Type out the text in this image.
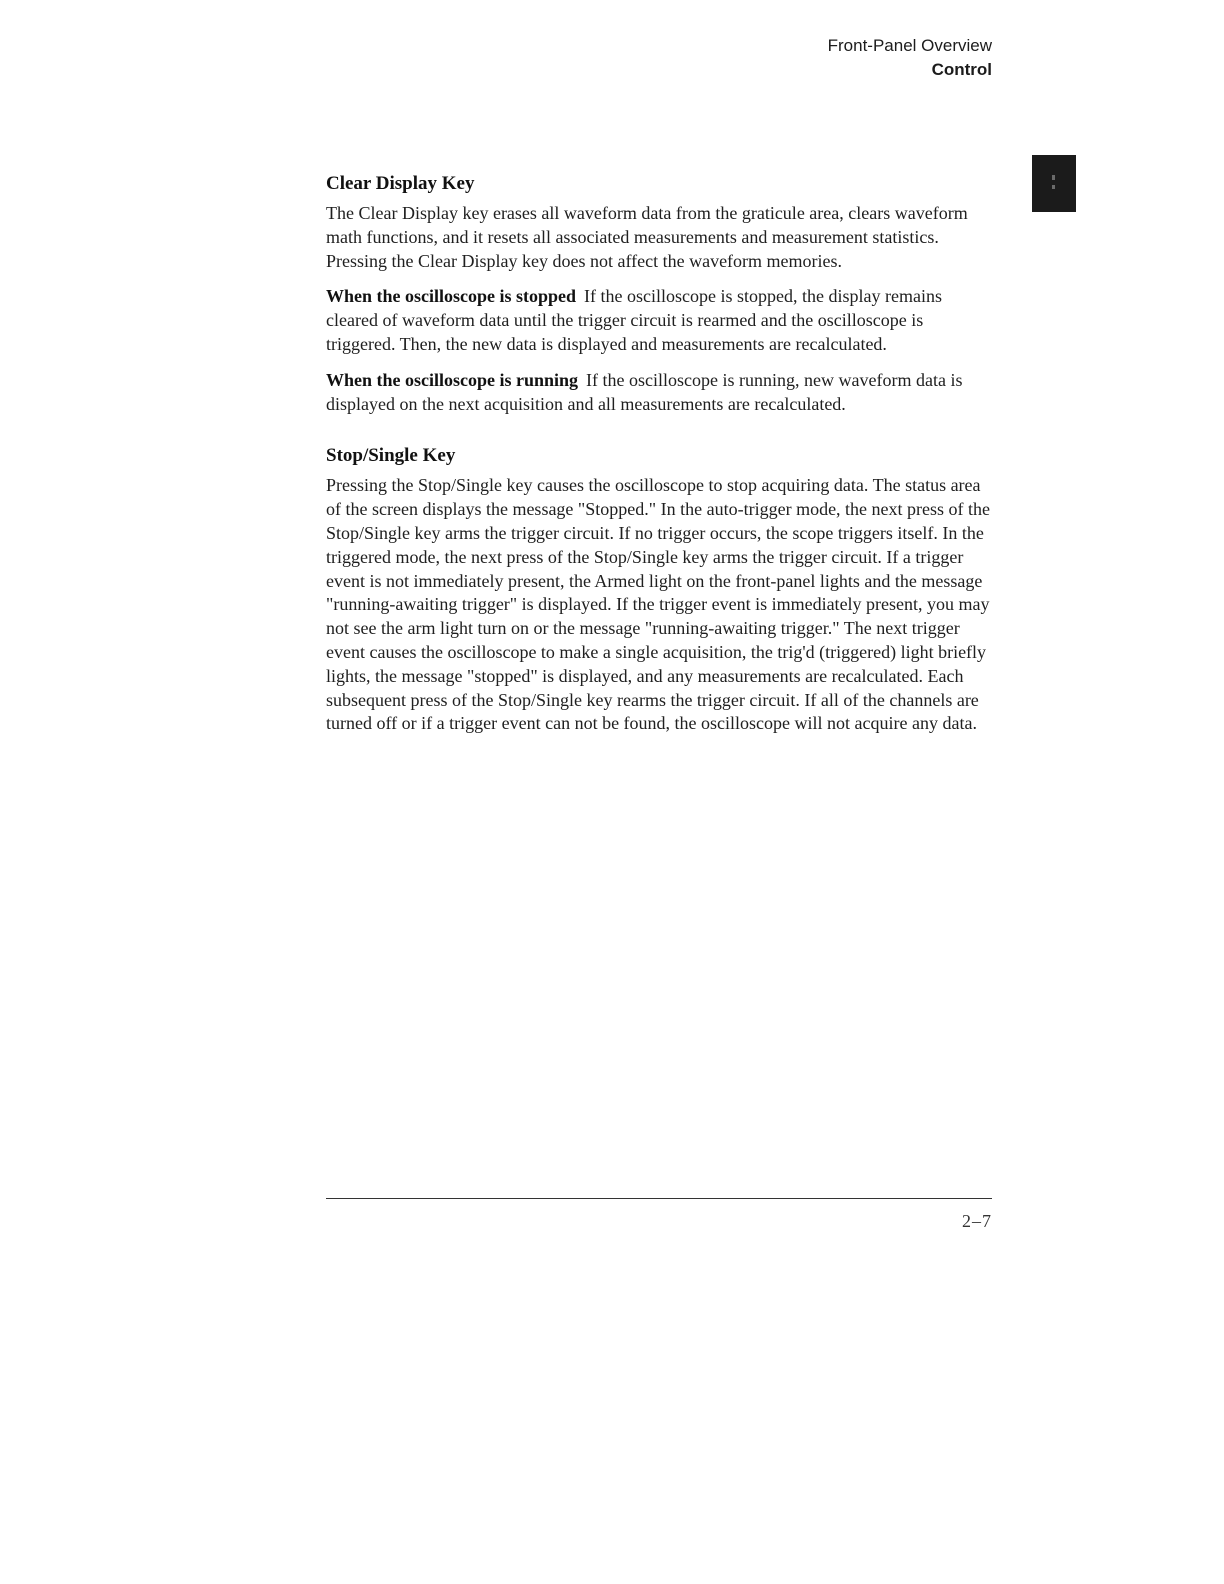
Front-Panel Overview
Control
Clear Display Key

The Clear Display key erases all waveform data from the graticule area, clears waveform math functions, and it resets all associated measurements and measurement statistics. Pressing the Clear Display key does not affect the waveform memories.

When the oscilloscope is stopped If the oscilloscope is stopped, the display remains cleared of waveform data until the trigger circuit is rearmed and the oscilloscope is triggered. Then, the new data is displayed and measurements are recalculated.

When the oscilloscope is running If the oscilloscope is running, new waveform data is displayed on the next acquisition and all measurements are recalculated.

Stop/Single Key

Pressing the Stop/Single key causes the oscilloscope to stop acquiring data. The status area of the screen displays the message "Stopped." In the auto-trigger mode, the next press of the Stop/Single key arms the trigger circuit. If no trigger occurs, the scope triggers itself. In the triggered mode, the next press of the Stop/Single key arms the trigger circuit. If a trigger event is not immediately present, the Armed light on the front-panel lights and the message "running-awaiting trigger" is displayed. If the trigger event is immediately present, you may not see the arm light turn on or the message "running-awaiting trigger." The next trigger event causes the oscilloscope to make a single acquisition, the trig'd (triggered) light briefly lights, the message "stopped" is displayed, and any measurements are recalculated. Each subsequent press of the Stop/Single key rearms the trigger circuit. If all of the channels are turned off or if a trigger event can not be found, the oscilloscope will not acquire any data.

2–7
